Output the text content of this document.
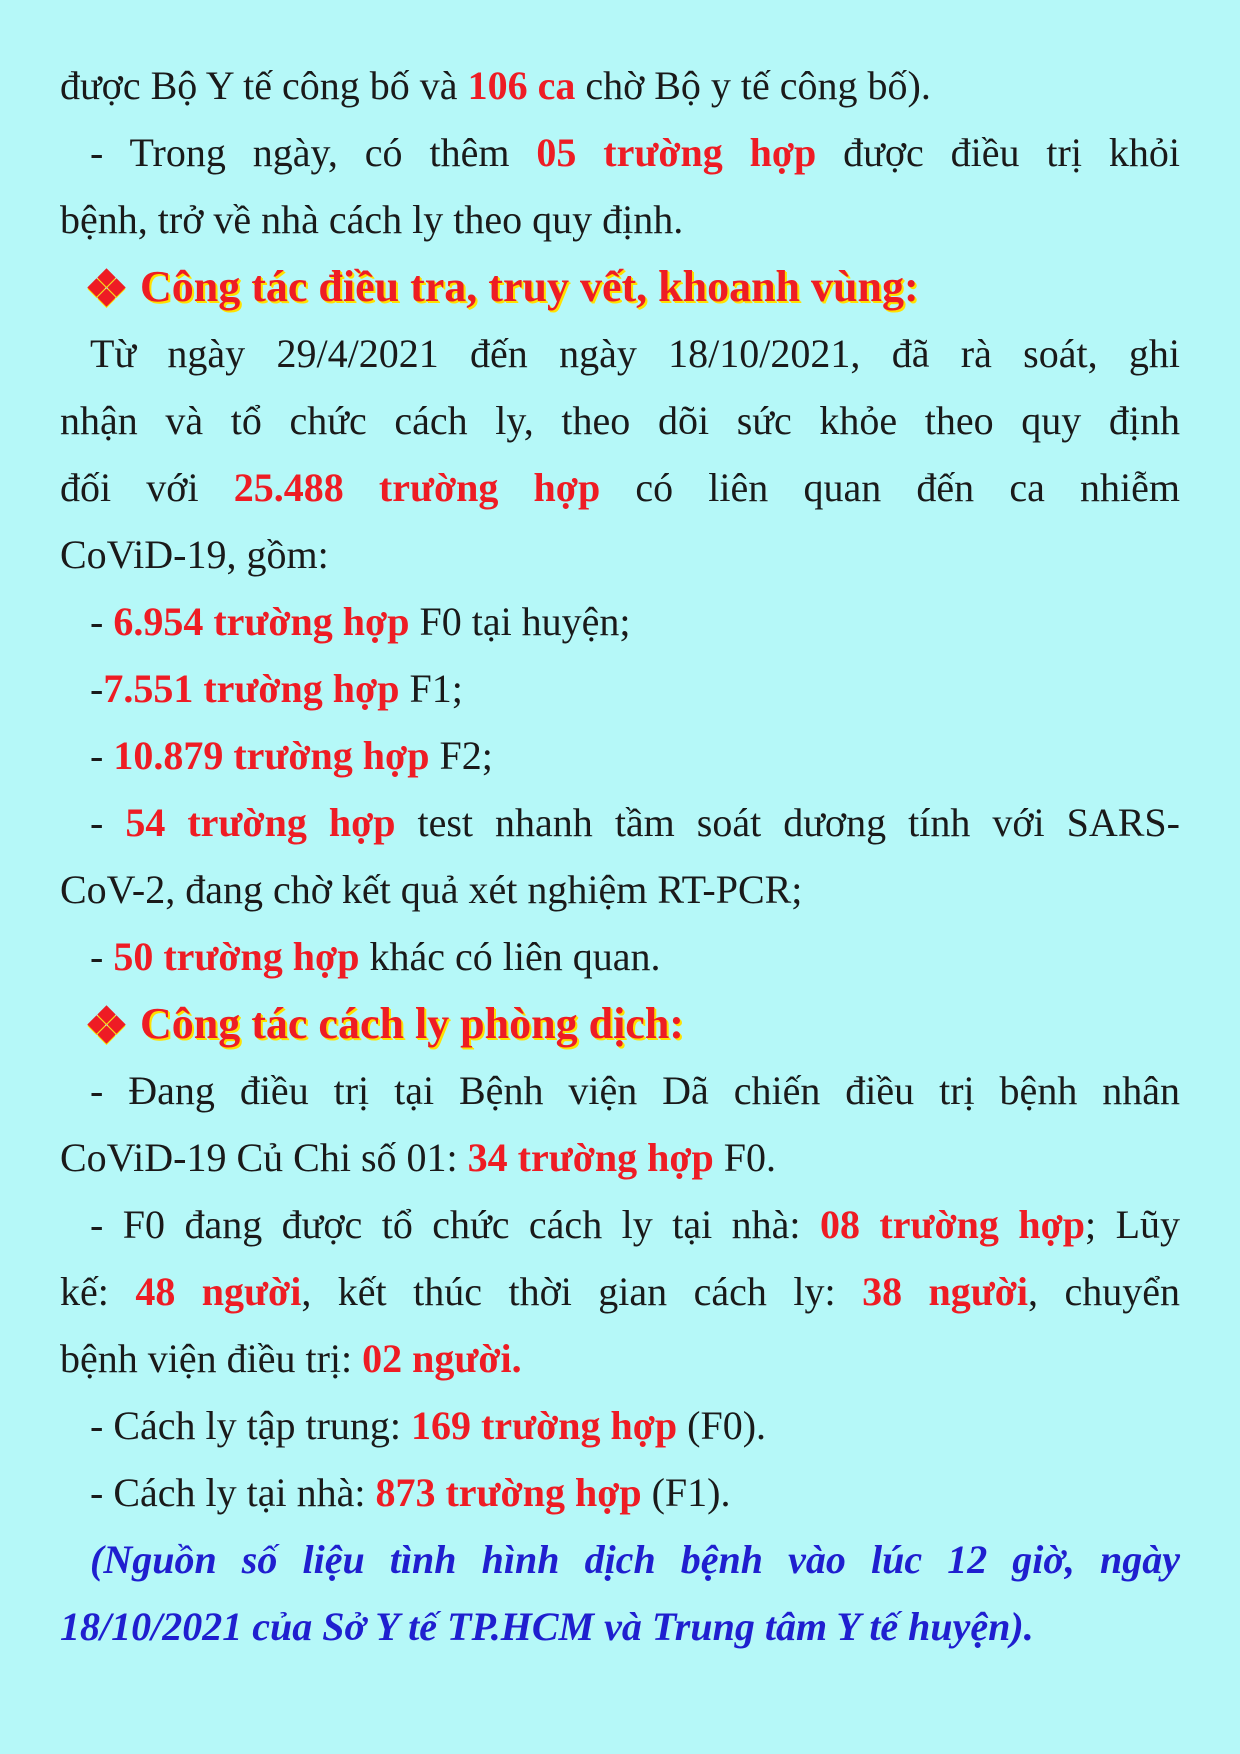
được Bộ Y tế công bố và 106 ca chờ Bộ y tế công bố).
- Trong ngày, có thêm 05 trường hợp được điều trị khỏi
bệnh, trở về nhà cách ly theo quy định.
Công tác điều tra, truy vết, khoanh vùng:
Từ ngày 29/4/2021 đến ngày 18/10/2021, đã rà soát, ghi
nhận và tổ chức cách ly, theo dõi sức khỏe theo quy định
đối với 25.488 trường hợp có liên quan đến ca nhiễm
CoViD-19, gồm:
- 6.954 trường hợp F0 tại huyện;
-7.551 trường hợp F1;
- 10.879 trường hợp F2;
- 54 trường hợp test nhanh tầm soát dương tính với SARS-
CoV-2, đang chờ kết quả xét nghiệm RT-PCR;
- 50 trường hợp khác có liên quan.
Công tác cách ly phòng dịch:
- Đang điều trị tại Bệnh viện Dã chiến điều trị bệnh nhân
CoViD-19 Củ Chi số 01: 34 trường hợp F0.
- F0 đang được tổ chức cách ly tại nhà: 08 trường hợp; Lũy
kế: 48 người, kết thúc thời gian cách ly: 38 người, chuyển
bệnh viện điều trị: 02 người.
- Cách ly tập trung: 169 trường hợp (F0).
- Cách ly tại nhà: 873 trường hợp (F1).
(Nguồn số liệu tình hình dịch bệnh vào lúc 12 giờ, ngày
18/10/2021 của Sở Y tế TP.HCM và Trung tâm Y tế huyện).
